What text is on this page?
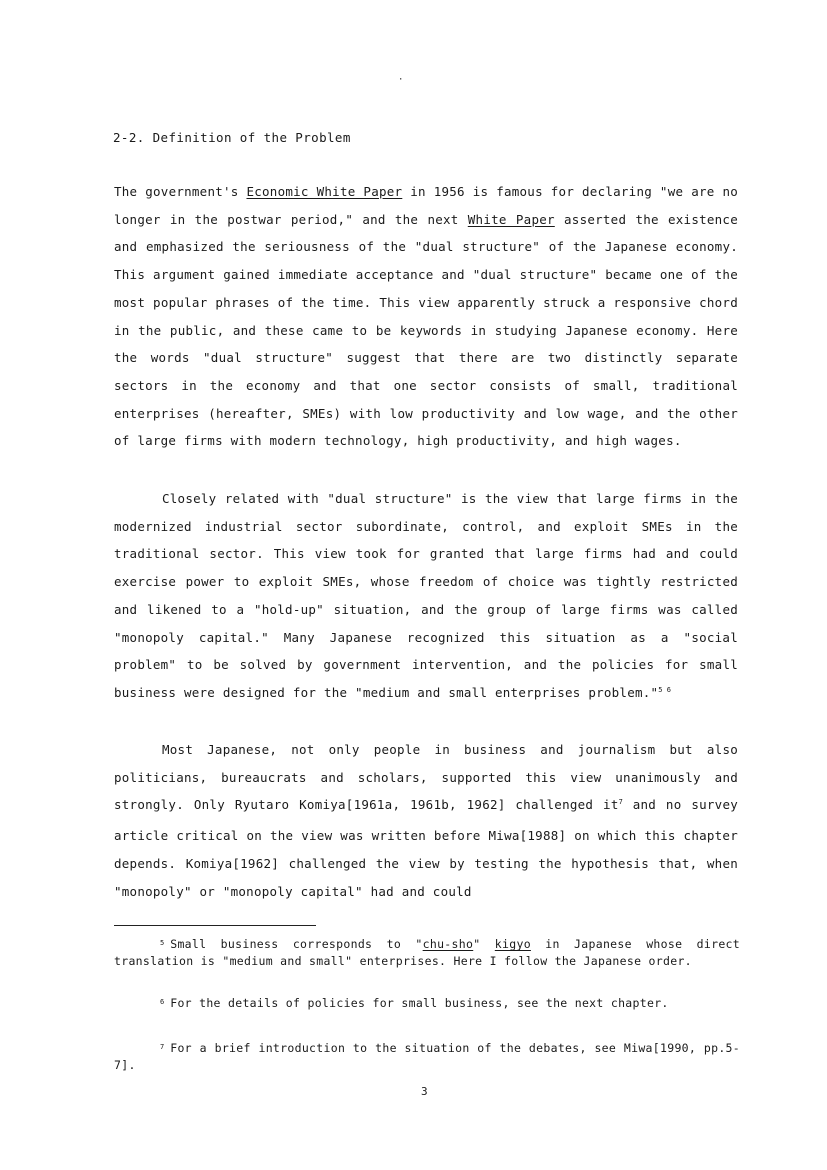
·
2-2. Definition of the Problem

The government's Economic White Paper in 1956 is famous for declaring "we are no longer in the postwar period," and the next White Paper asserted the existence and emphasized the seriousness of the "dual structure" of the Japanese economy. This argument gained immediate acceptance and "dual structure" became one of the most popular phrases of the time. This view apparently struck a responsive chord in the public, and these came to be keywords in studying Japanese economy. Here the words "dual structure" suggest that there are two distinctly separate sectors in the economy and that one sector consists of small, traditional enterprises (hereafter, SMEs) with low productivity and low wage, and the other of large firms with modern technology, high productivity, and high wages.

Closely related with "dual structure" is the view that large firms in the modernized industrial sector subordinate, control, and exploit SMEs in the traditional sector. This view took for granted that large firms had and could exercise power to exploit SMEs, whose freedom of choice was tightly restricted and likened to a "hold-up" situation, and the group of large firms was called "monopoly capital." Many Japanese recognized this situation as a "social problem" to be solved by government intervention, and the policies for small business were designed for the "medium and small enterprises problem."$^{5 6}$

Most Japanese, not only people in business and journalism but also politicians, bureaucrats and scholars, supported this view unanimously and strongly. Only Ryutaro Komiya[1961a, 1961b, 1962] challenged $it^7$ and no survey article critical on the view was written before Miwa[1988] on which this chapter depends. Komiya[1962] challenged the view by testing the hypothesis that, when "monopoly" or "monopoly capital" had and could

$^5$ Small business corresponds to "chu-sho" kigyo in Japanese whose direct translation is "medium and small" enterprises. Here I follow the Japanese order.
$^6$ For the details of policies for small business, see the next chapter.
$^7$ For a brief introduction to the situation of the debates, see Miwa[1990, pp.5-7].
3
